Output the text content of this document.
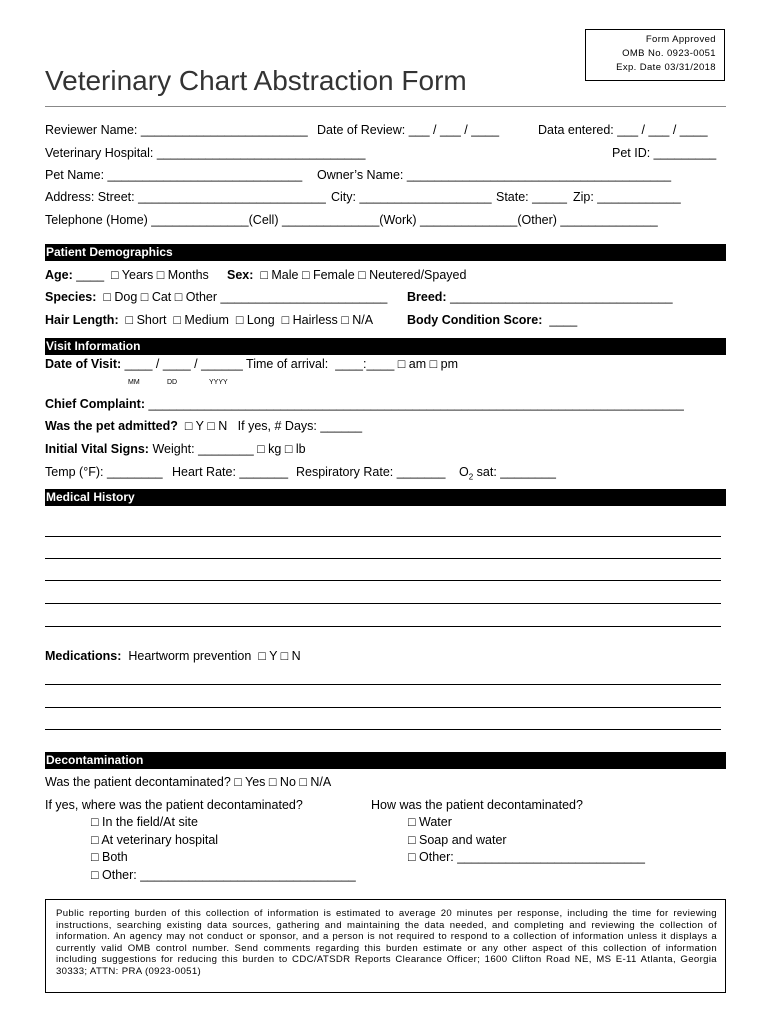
Form Approved
OMB No. 0923-0051
Exp. Date 03/31/2018
Veterinary Chart Abstraction Form
Reviewer Name: ________________________ Date of Review: ___ / ___ / ____	Data entered: ___ / ___ / ____
Veterinary Hospital: ______________________________	Pet ID: _________
Pet Name: ____________________________ Owner’s Name: ______________________________________
Address: Street: ___________________________ City: ___________________ State: _____ Zip: ____________
Telephone (Home) ______________(Cell) ______________(Work) ______________(Other) ______________
Patient Demographics
Age: ____  □ Years □ Months Sex:  □ Male □ Female □ Neutered/Spayed
Species:  □ Dog □ Cat □ Other ________________________ Breed: ________________________________
Hair Length:  □ Short  □ Medium  □ Long  □ Hairless □ N/A	Body Condition Score:  ____
Visit Information
Date of Visit: ____ / ____ / ______ Time of arrival:  ____:____ □ am □ pm
MM	DD	YYYY
Chief Complaint: _____________________________________________________________________________
Was the pet admitted?  □ Y □ N   If yes, # Days: ______
Initial Vital Signs: Weight: ________ □ kg □ lb
Temp (°F): ________ Heart Rate: _______ Respiratory Rate: _______ $O_2$ sat: ________
Medical History
Medications:  Heartworm prevention  □ Y □ N
Decontamination
Was the patient decontaminated? □ Yes □ No □ N/A
If yes, where was the patient decontaminated?
□ In the field/At site
□ At veterinary hospital
□ Both
□ Other: _______________________________
How was the patient decontaminated?
□ Water
□ Soap and water
□ Other: ___________________________
Public reporting burden of this collection of information is estimated to average 20 minutes per response, including the time for reviewing instructions, searching existing data sources, gathering and maintaining the data needed, and completing and reviewing the collection of information. An agency may not conduct or sponsor, and a person is not required to respond to a collection of information unless it displays a currently valid OMB control number. Send comments regarding this burden estimate or any other aspect of this collection of information including suggestions for reducing this burden to CDC/ATSDR Reports Clearance Officer; 1600 Clifton Road NE, MS E-11 Atlanta, Georgia 30333; ATTN: PRA (0923-0051)
